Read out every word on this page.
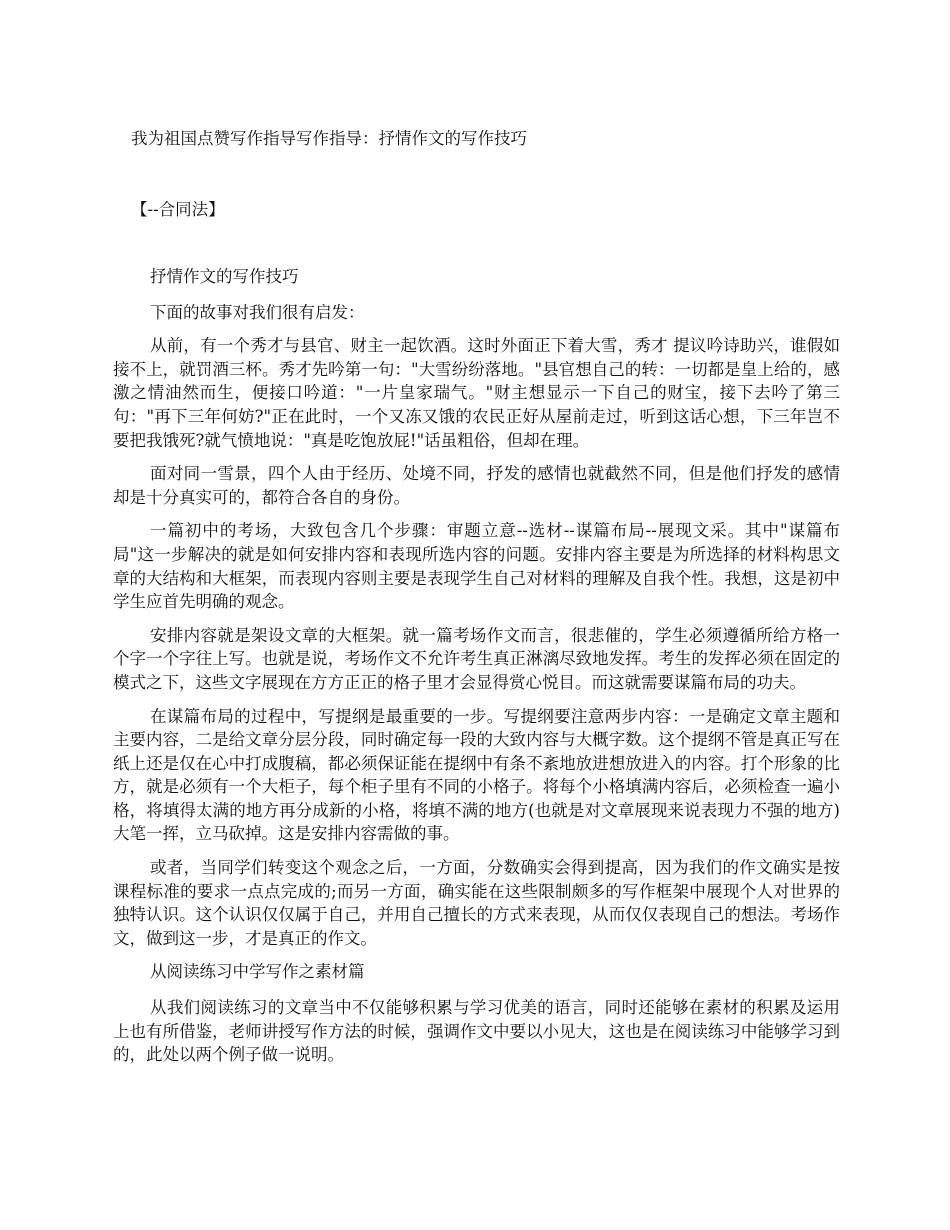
我为祖国点赞写作指导写作指导：抒情作文的写作技巧
【--合同法】

抒情作文的写作技巧

下面的故事对我们很有启发：

从前，有一个秀才与县官、财主一起饮酒。这时外面正下着大雪，秀才 提议吟诗助兴，谁假如接不上，就罚酒三杯。秀才先吟第一句："大雪纷纷落地。"县官想自己的转：一切都是皇上给的，感激之情油然而生，便接口吟道："一片皇家瑞气。"财主想显示一下自己的财宝，接下去吟了第三句："再下三年何妨?"正在此时，一个又冻又饿的农民正好从屋前走过，听到这话心想，下三年岂不要把我饿死?就气愤地说："真是吃饱放屁!"话虽粗俗，但却在理。

面对同一雪景，四个人由于经历、处境不同，抒发的感情也就截然不同，但是他们抒发的感情却是十分真实可的，都符合各自的身份。

一篇初中的考场，大致包含几个步骤：审题立意--选材--谋篇布局--展现文采。其中"谋篇布局"这一步解决的就是如何安排内容和表现所选内容的问题。安排内容主要是为所选择的材料构思文章的大结构和大框架，而表现内容则主要是表现学生自己对材料的理解及自我个性。我想，这是初中学生应首先明确的观念。

安排内容就是架设文章的大框架。就一篇考场作文而言，很悲催的，学生必须遵循所给方格一个字一个字往上写。也就是说，考场作文不允许考生真正淋漓尽致地发挥。考生的发挥必须在固定的模式之下，这些文字展现在方方正正的格子里才会显得赏心悦目。而这就需要谋篇布局的功夫。

在谋篇布局的过程中，写提纲是最重要的一步。写提纲要注意两步内容：一是确定文章主题和主要内容，二是给文章分层分段，同时确定每一段的大致内容与大概字数。这个提纲不管是真正写在纸上还是仅在心中打成腹稿，都必须保证能在提纲中有条不紊地放进想放进入的内容。打个形象的比方，就是必须有一个大柜子，每个柜子里有不同的小格子。将每个小格填满内容后，必须检查一遍小格，将填得太满的地方再分成新的小格，将填不满的地方(也就是对文章展现来说表现力不强的地方)大笔一挥，立马砍掉。这是安排内容需做的事。

或者，当同学们转变这个观念之后，一方面，分数确实会得到提高，因为我们的作文确实是按课程标准的要求一点点完成的;而另一方面，确实能在这些限制颇多的写作框架中展现个人对世界的独特认识。这个认识仅仅属于自己，并用自己擅长的方式来表现，从而仅仅表现自己的想法。考场作文，做到这一步，才是真正的作文。

从阅读练习中学写作之素材篇

从我们阅读练习的文章当中不仅能够积累与学习优美的语言，同时还能够在素材的积累及运用上也有所借鉴，老师讲授写作方法的时候，强调作文中要以小见大，这也是在阅读练习中能够学习到的，此处以两个例子做一说明。
